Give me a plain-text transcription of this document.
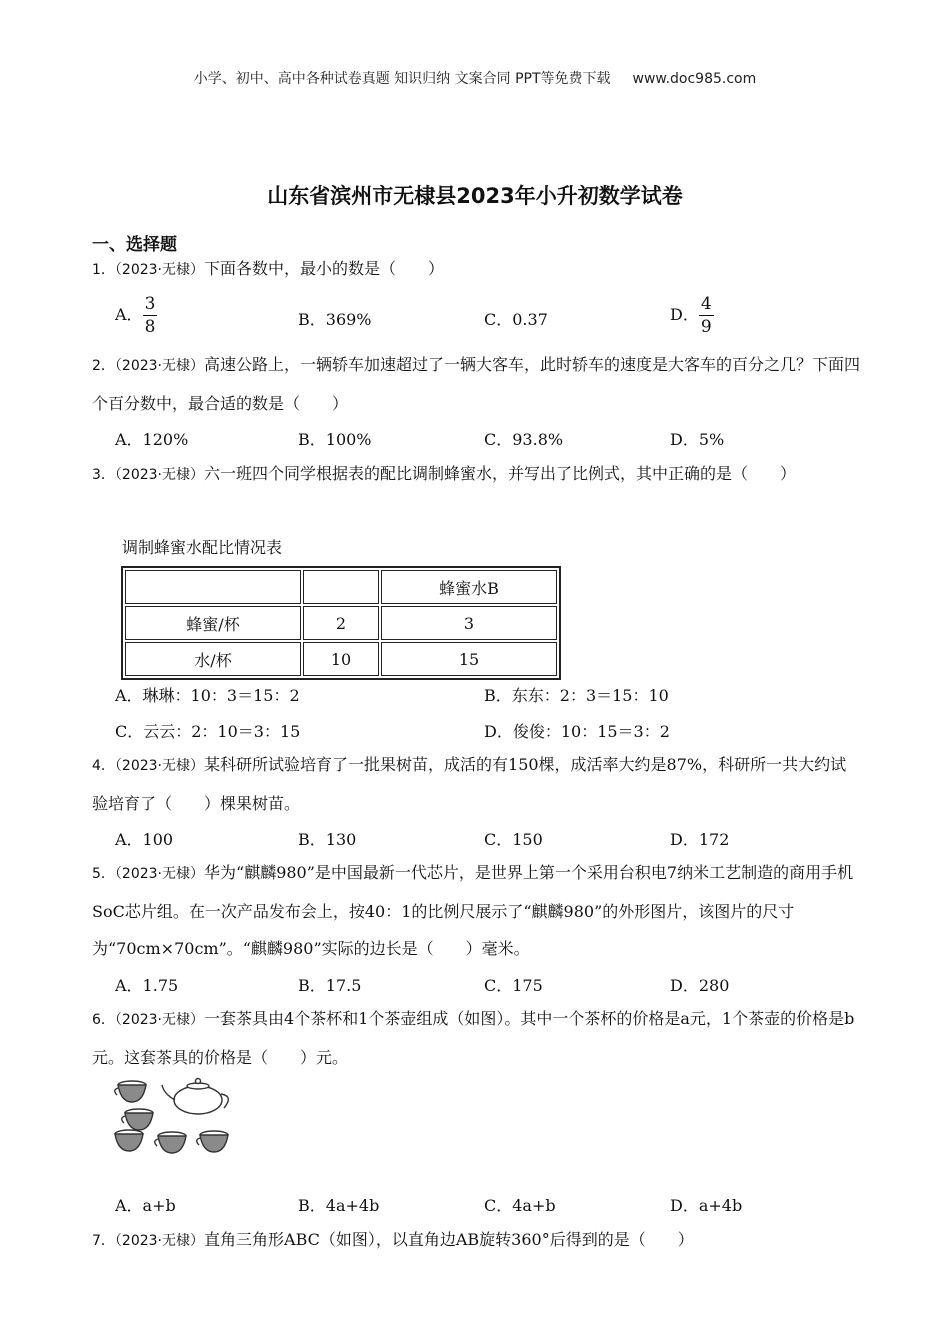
小学、初中、高中各种试卷真题 知识归纳 文案合同 PPT等免费下载 www.doc985.com
山东省滨州市无棣县2023年小升初数学试卷
一、选择题
1．（2023·无棣）下面各数中，最小的数是（　　）
A． $\frac{3}{8}$	B．369%	C．0.37	D． $\frac{4}{9}$
2．（2023·无棣）高速公路上，一辆轿车加速超过了一辆大客车，此时轿车的速度是大客车的百分之几？下面四个百分数中，最合适的数是（　　）
A．120%	B．100%	C．93.8%	D．5%
3．（2023·无棣）六一班四个同学根据表的配比调制蜂蜜水，并写出了比例式，其中正确的是（　　）
调制蜂蜜水配比情况表
		蜂蜜水B
蜂蜜/杯	2	3
水/杯	10	15
A．琳琳：10：3＝15：2	B．东东：2：3＝15：10
C．云云：2：10＝3：15	D．俊俊：10：15＝3：2
4．（2023·无棣）某科研所试验培育了一批果树苗，成活的有150棵，成活率大约是87%，科研所一共大约试验培育了（　　）棵果树苗。
A．100	B．130	C．150	D．172
5．（2023·无棣）华为“麒麟980”是中国最新一代芯片，是世界上第一个采用台积电7纳米工艺制造的商用手机SoC芯片组。在一次产品发布会上，按40：1的比例尺展示了“麒麟980”的外形图片，该图片的尺寸为“70cm×70cm”。“麒麟980”实际的边长是（　　）毫米。
A．1.75	B．17.5	C．175	D．280
6．（2023·无棣）一套茶具由4个茶杯和1个茶壶组成（如图）。其中一个茶杯的价格是a元，1个茶壶的价格是b元。这套茶具的价格是（　　）元。
A．a+b	B．4a+4b	C．4a+b	D．a+4b
7．（2023·无棣）直角三角形ABC（如图），以直角边AB旋转360°后得到的是（　　）
